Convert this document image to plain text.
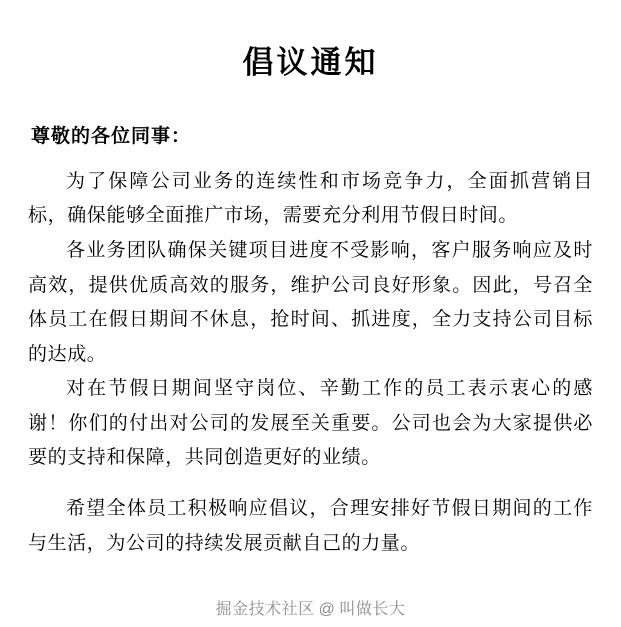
倡议通知
尊敬的各位同事：

为了保障公司业务的连续性和市场竞争力，全面抓营销目标，确保能够全面推广市场，需要充分利用节假日时间。

各业务团队确保关键项目进度不受影响，客户服务响应及时高效，提供优质高效的服务，维护公司良好形象。因此，号召全体员工在假日期间不休息，抢时间、抓进度，全力支持公司目标的达成。

对在节假日期间坚守岗位、辛勤工作的员工表示衷心的感谢！你们的付出对公司的发展至关重要。公司也会为大家提供必要的支持和保障，共同创造更好的业绩。

希望全体员工积极响应倡议，合理安排好节假日期间的工作与生活，为公司的持续发展贡献自己的力量。

掘金技术社区 @ 叫做长大
